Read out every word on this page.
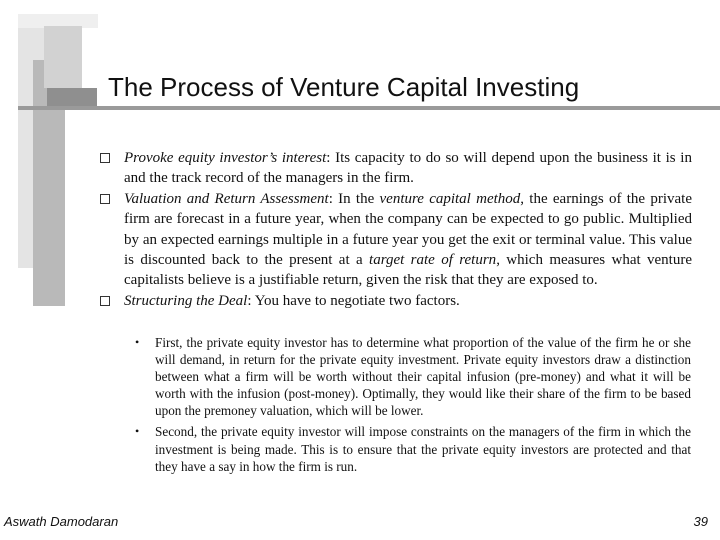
The Process of Venture Capital Investing
Provoke equity investor’s interest: Its capacity to do so will depend upon the business it is in and the track record of the managers in the firm.
Valuation and Return Assessment: In the venture capital method, the earnings of the private firm are forecast in a future year, when the company can be expected to go public. Multiplied by an expected earnings multiple in a future year you get the exit or terminal value. This value is discounted back to the present at a target rate of return, which measures what venture capitalists believe is a justifiable return, given the risk that they are exposed to.
Structuring the Deal: You have to negotiate two factors.
• First, the private equity investor has to determine what proportion of the value of the firm he or she will demand, in return for the private equity investment. Private equity investors draw a distinction between what a firm will be worth without their capital infusion (pre-money) and what it will be worth with the infusion (post-money). Optimally, they would like their share of the firm to be based upon the premoney valuation, which will be lower.
• Second, the private equity investor will impose constraints on the managers of the firm in which the investment is being made. This is to ensure that the private equity investors are protected and that they have a say in how the firm is run.
Aswath Damodaran	39
